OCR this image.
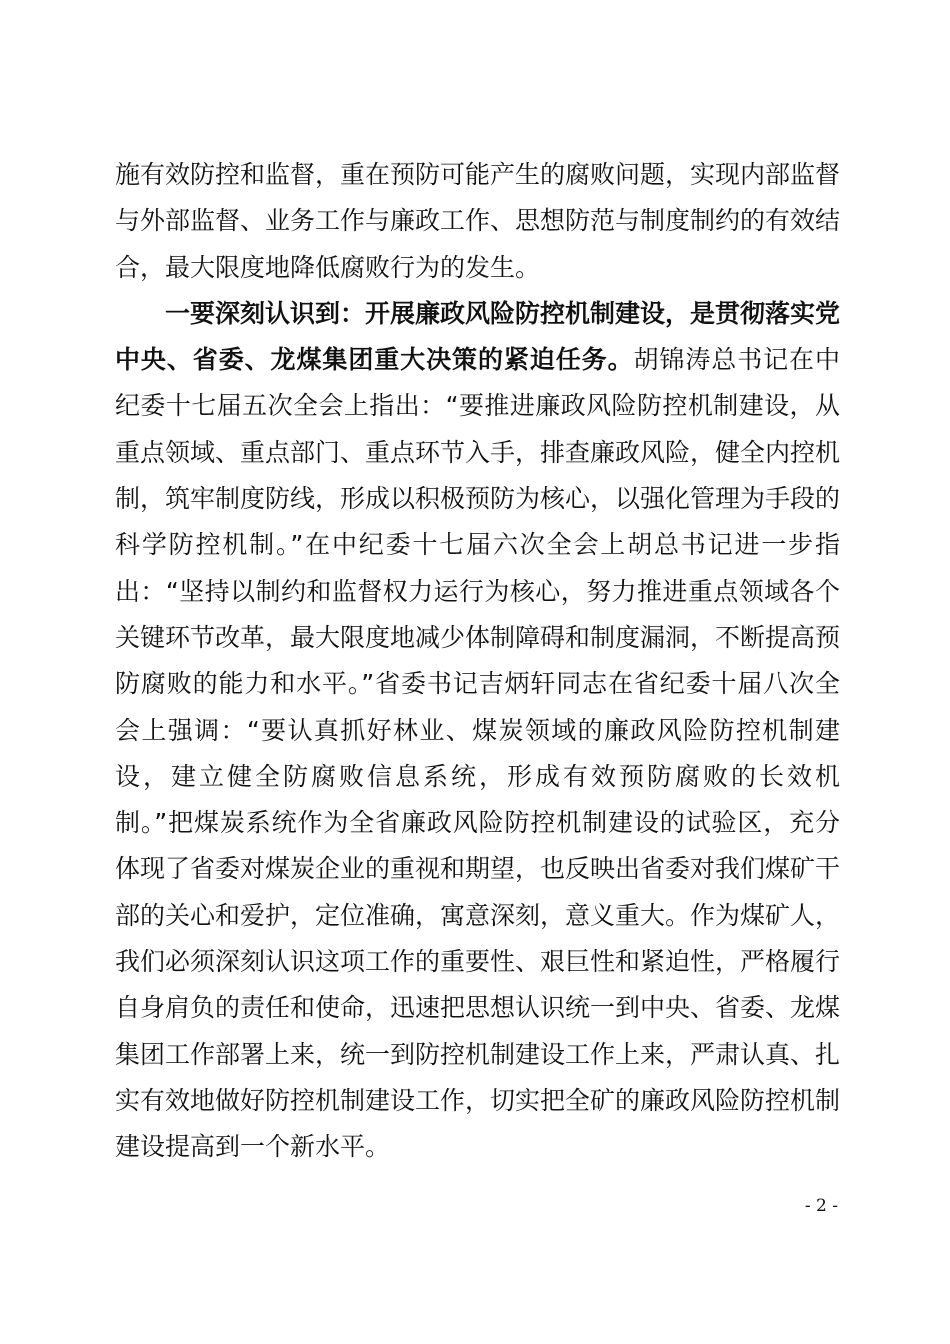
施有效防控和监督，重在预防可能产生的腐败问题，实现内部监督与外部监督、业务工作与廉政工作、思想防范与制度制约的有效结合，最大限度地降低腐败行为的发生。

一要深刻认识到：开展廉政风险防控机制建设，是贯彻落实党中央、省委、龙煤集团重大决策的紧迫任务。胡锦涛总书记在中纪委十七届五次全会上指出：“要推进廉政风险防控机制建设，从重点领域、重点部门、重点环节入手，排查廉政风险，健全内控机制，筑牢制度防线，形成以积极预防为核心，以强化管理为手段的科学防控机制。”在中纪委十七届六次全会上胡总书记进一步指出：“坚持以制约和监督权力运行为核心，努力推进重点领域各个关键环节改革，最大限度地减少体制障碍和制度漏洞，不断提高预防腐败的能力和水平。”省委书记吉炳轩同志在省纪委十届八次全会上强调：“要认真抓好林业、煤炭领域的廉政风险防控机制建设，建立健全防腐败信息系统，形成有效预防腐败的长效机制。”把煤炭系统作为全省廉政风险防控机制建设的试验区，充分体现了省委对煤炭企业的重视和期望，也反映出省委对我们煤矿干部的关心和爱护，定位准确，寓意深刻，意义重大。作为煤矿人，我们必须深刻认识这项工作的重要性、艰巨性和紧迫性，严格履行自身肩负的责任和使命，迅速把思想认识统一到中央、省委、龙煤集团工作部署上来，统一到防控机制建设工作上来，严肃认真、扎实有效地做好防控机制建设工作，切实把全矿的廉政风险防控机制建设提高到一个新水平。

- 2 -
